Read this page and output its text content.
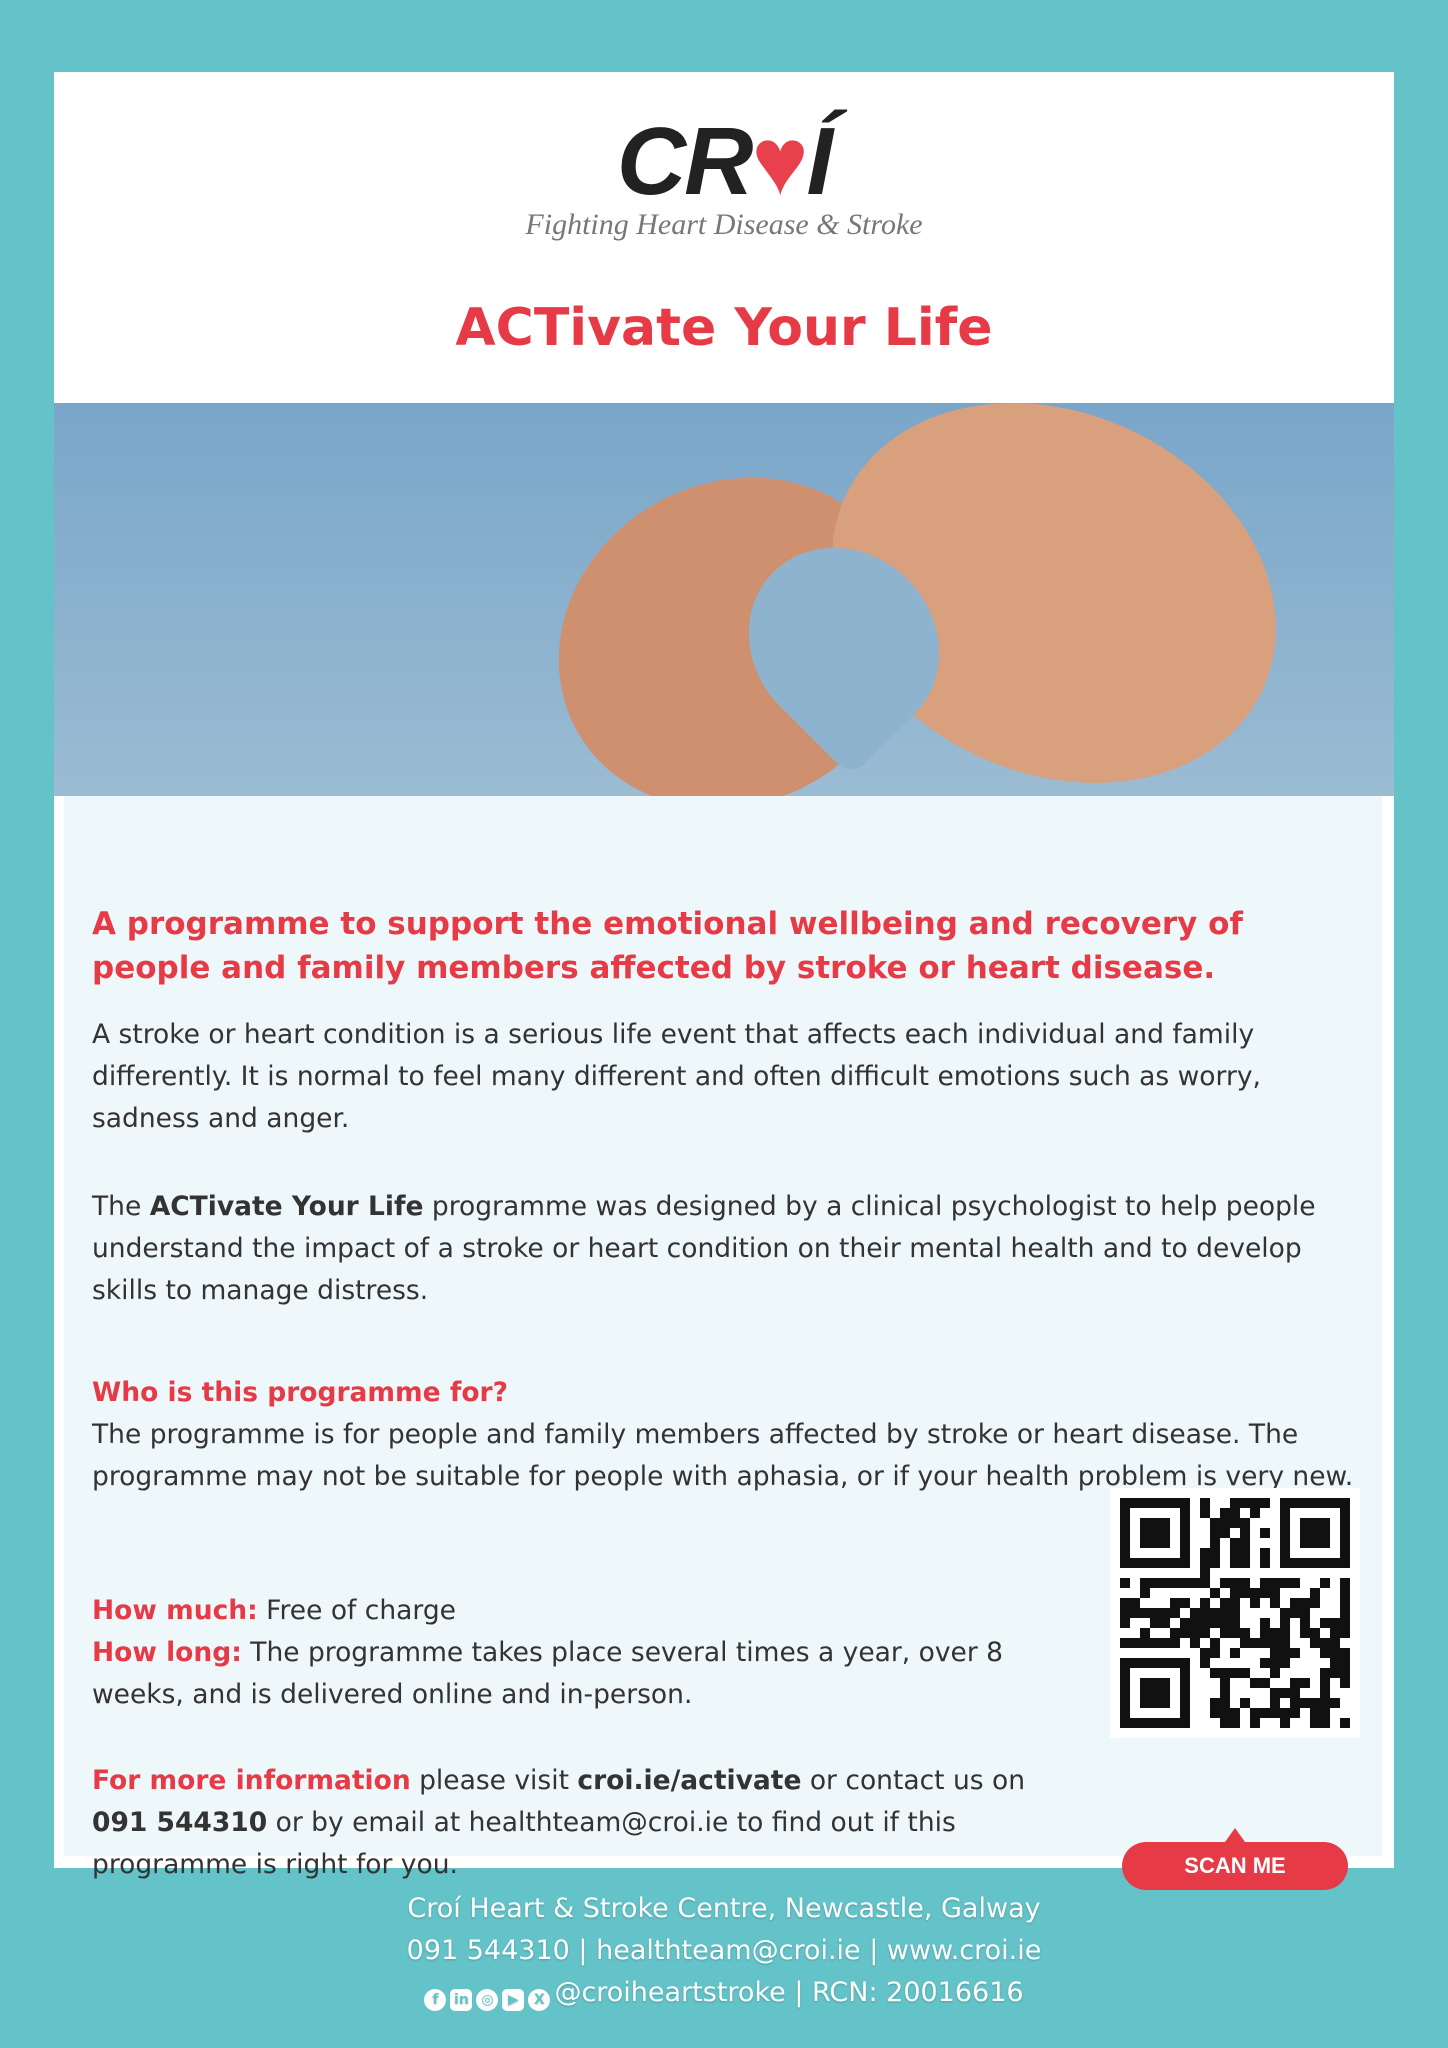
CR♥Í
Fighting Heart Disease & Stroke
ACTivate Your Life
A programme to support the emotional wellbeing and recovery of people and family members affected by stroke or heart disease.
A stroke or heart condition is a serious life event that affects each individual and family differently. It is normal to feel many different and often difficult emotions such as worry, sadness and anger.
The ACTivate Your Life programme was designed by a clinical psychologist to help people understand the impact of a stroke or heart condition on their mental health and to develop skills to manage distress.
Who is this programme for?
The programme is for people and family members affected by stroke or heart disease. The programme may not be suitable for people with aphasia, or if your health problem is very new.
How much: Free of charge
How long: The programme takes place several times a year, over 8 weeks, and is delivered online and in-person.
For more information please visit croi.ie/activate or contact us on 091 544310 or by email at healthteam@croi.ie to find out if this programme is right for you.	SCAN ME
Croí Heart & Stroke Centre, Newcastle, Galway
091 544310 | healthteam@croi.ie | www.croi.ie
f in ◎ ▶ X @croiheartstroke | RCN: 20016616
